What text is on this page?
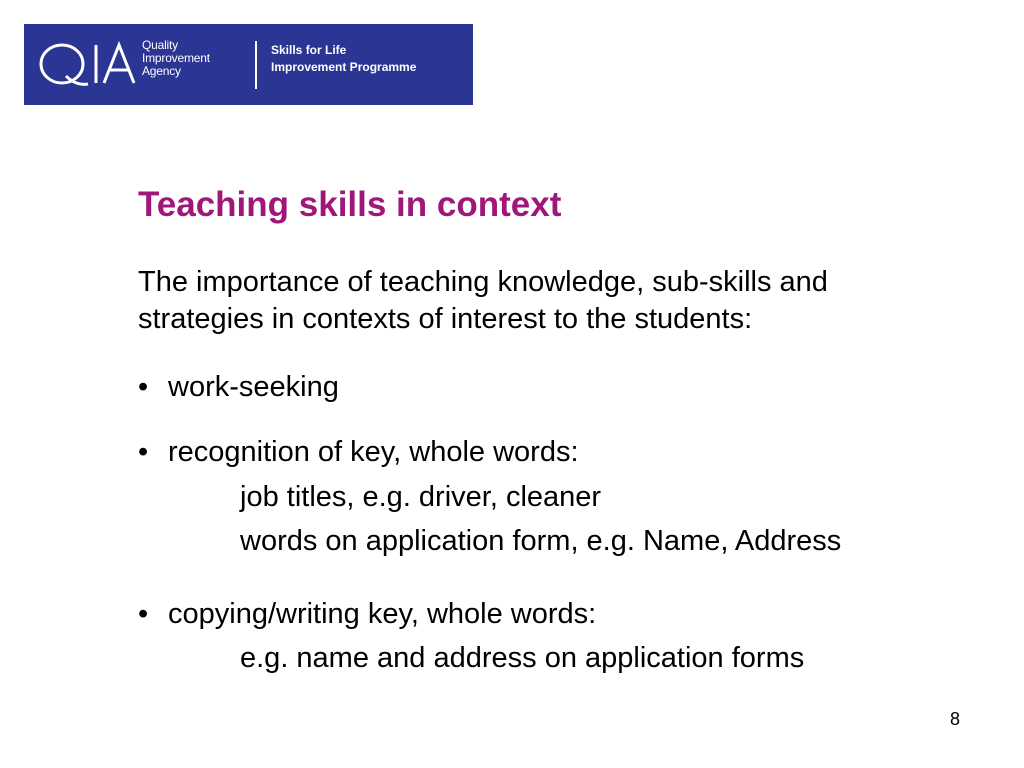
Quality
Improvement
Agency
Skills for Life
Improvement Programme
Teaching skills in context
The importance of teaching knowledge, sub-skills and
strategies in contexts of interest to the students:
• work-seeking
• recognition of key, whole words:
job titles, e.g. driver, cleaner
words on application form, e.g. Name, Address
• copying/writing key, whole words:
e.g. name and address on application forms
8
